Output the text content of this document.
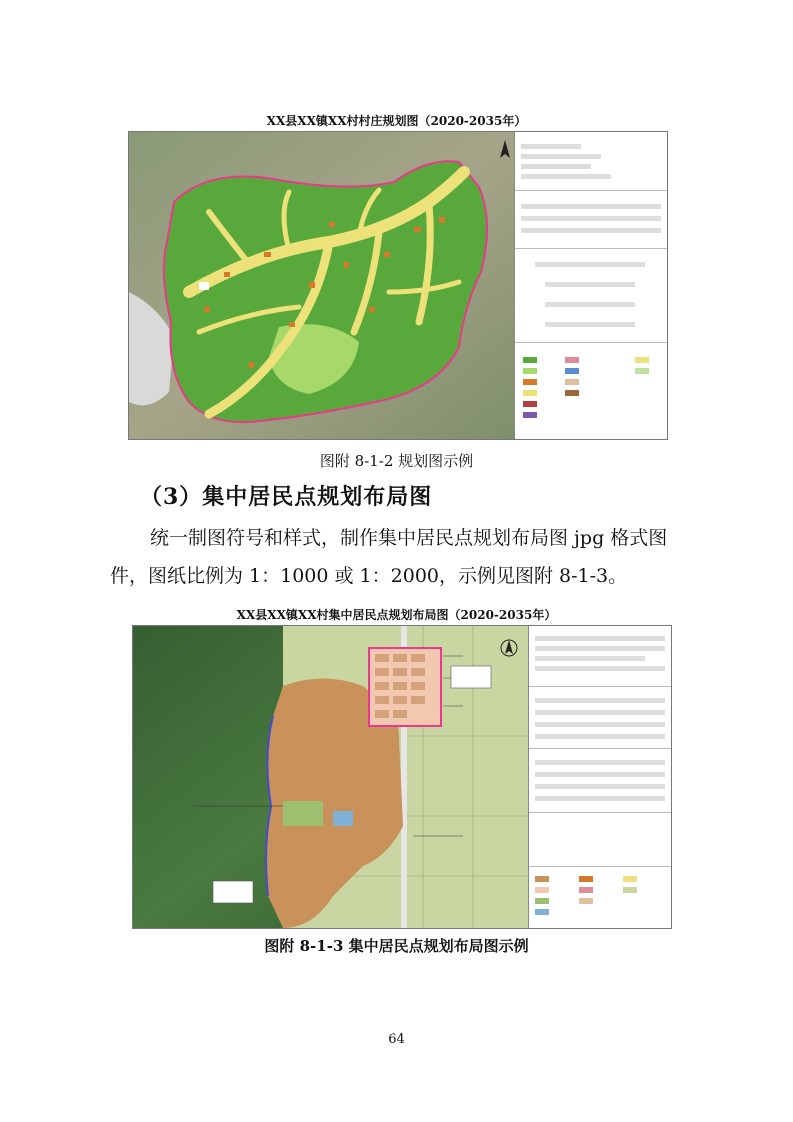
XX县XX镇XX村村庄规划图（2020-2035年）
图附 8-1-2 规划图示例
（3）集中居民点规划布局图
统一制图符号和样式，制作集中居民点规划布局图 jpg 格式图件，图纸比例为 1：1000 或 1：2000，示例见图附 8-1-3。
XX县XX镇XX村集中居民点规划布局图（2020-2035年）
图附 8-1-3 集中居民点规划布局图示例
64
